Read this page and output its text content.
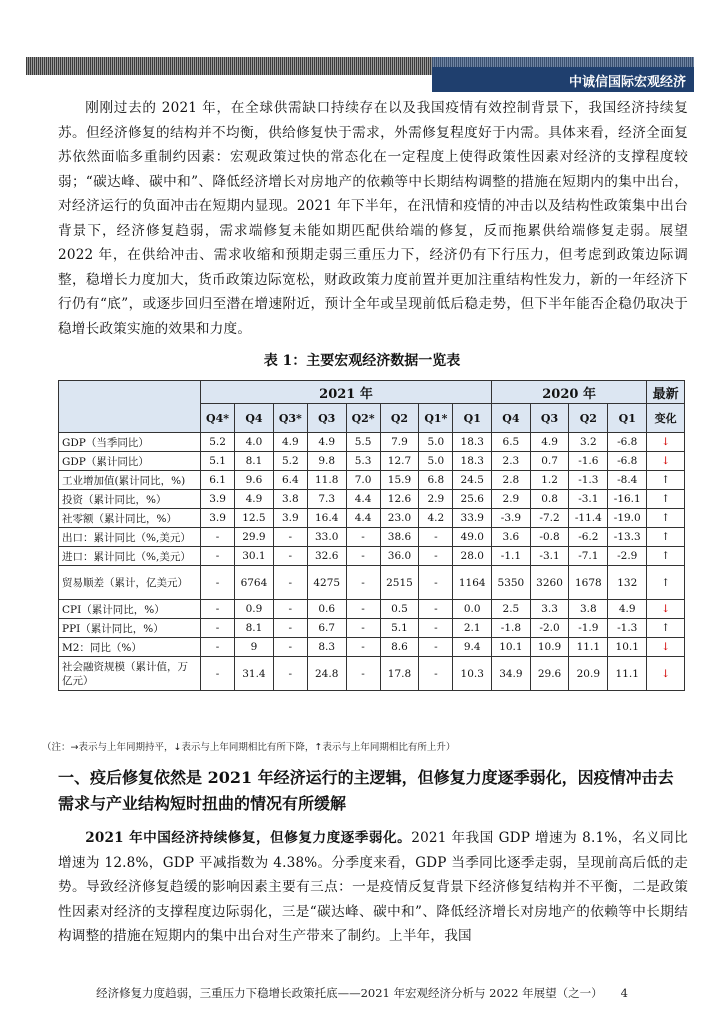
中诚信国际宏观经济

刚刚过去的 2021 年，在全球供需缺口持续存在以及我国疫情有效控制背景下，我国经济持续复苏。但经济修复的结构并不均衡，供给修复快于需求，外需修复程度好于内需。具体来看，经济全面复苏依然面临多重制约因素：宏观政策过快的常态化在一定程度上使得政策性因素对经济的支撑程度较弱；“碳达峰、碳中和”、降低经济增长对房地产的依赖等中长期结构调整的措施在短期内的集中出台，对经济运行的负面冲击在短期内显现。2021 年下半年，在汛情和疫情的冲击以及结构性政策集中出台背景下，经济修复趋弱，需求端修复未能如期匹配供给端的修复，反而拖累供给端修复走弱。展望 2022 年，在供给冲击、需求收缩和预期走弱三重压力下，经济仍有下行压力，但考虑到政策边际调整，稳增长力度加大，货币政策边际宽松，财政政策力度前置并更加注重结构性发力，新的一年经济下行仍有“底”，或逐步回归至潜在增速附近，预计全年或呈现前低后稳走势，但下半年能否企稳仍取决于稳增长政策实施的效果和力度。

表 1：主要宏观经济数据一览表
	2021 年								2020 年				最新
	Q4*	Q4	Q3*	Q3	Q2*	Q2	Q1*	Q1	Q4	Q3	Q2	Q1	变化
GDP（当季同比）	5.2	4.0	4.9	4.9	5.5	7.9	5.0	18.3	6.5	4.9	3.2	-6.8	↓
GDP（累计同比）	5.1	8.1	5.2	9.8	5.3	12.7	5.0	18.3	2.3	0.7	-1.6	-6.8	↓
工业增加值(累计同比，%)	6.1	9.6	6.4	11.8	7.0	15.9	6.8	24.5	2.8	1.2	-1.3	-8.4	↑
投资（累计同比，%）	3.9	4.9	3.8	7.3	4.4	12.6	2.9	25.6	2.9	0.8	-3.1	-16.1	↑
社零额（累计同比，%）	3.9	12.5	3.9	16.4	4.4	23.0	4.2	33.9	-3.9	-7.2	-11.4	-19.0	↑
出口：累计同比（%,美元）	-	29.9	-	33.0	-	38.6	-	49.0	3.6	-0.8	-6.2	-13.3	↑
进口：累计同比（%,美元）	-	30.1	-	32.6	-	36.0	-	28.0	-1.1	-3.1	-7.1	-2.9	↑
贸易顺差（累计，亿美元）	-	6764	-	4275	-	2515	-	1164	5350	3260	1678	132	↑
CPI（累计同比，%）	-	0.9	-	0.6	-	0.5	-	0.0	2.5	3.3	3.8	4.9	↓
PPI（累计同比，%）	-	8.1	-	6.7	-	5.1	-	2.1	-1.8	-2.0	-1.9	-1.3	↑
M2：同比（%）	-	9	-	8.3	-	8.6	-	9.4	10.1	10.9	11.1	10.1	↓
社会融资规模（累计值，万亿元）	-	31.4	-	24.8	-	17.8	-	10.3	34.9	29.6	20.9	11.1	↓
（注：→表示与上年同期持平，↓表示与上年同期相比有所下降，↑表示与上年同期相比有所上升）

一、疫后修复依然是 2021 年经济运行的主逻辑，但修复力度逐季弱化，因疫情冲击去需求与产业结构短时扭曲的情况有所缓解

2021 年中国经济持续修复，但修复力度逐季弱化。2021 年我国 GDP 增速为 8.1%，名义同比增速为 12.8%，GDP 平减指数为 4.38%。分季度来看，GDP 当季同比逐季走弱，呈现前高后低的走势。导致经济修复趋缓的影响因素主要有三点：一是疫情反复背景下经济修复结构并不平衡，二是政策性因素对经济的支撑程度边际弱化，三是“碳达峰、碳中和”、降低经济增长对房地产的依赖等中长期结构调整的措施在短期内的集中出台对生产带来了制约。上半年，我国

经济修复力度趋弱，三重压力下稳增长政策托底——2021 年宏观经济分析与 2022 年展望（之一） 4
